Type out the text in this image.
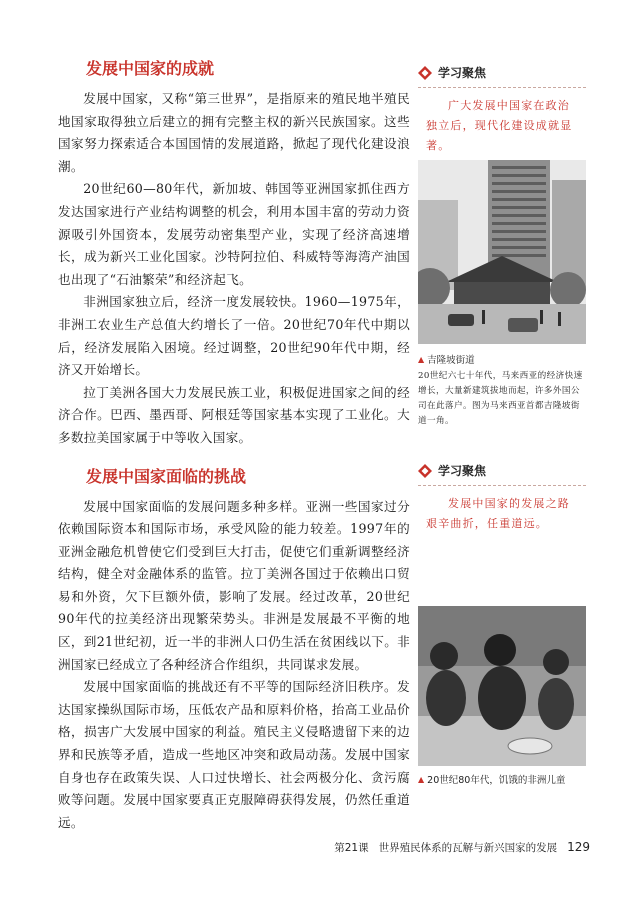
发展中国家的成就

发展中国家，又称“第三世界”，是指原来的殖民地半殖民地国家取得独立后建立的拥有完整主权的新兴民族国家。这些国家努力探索适合本国国情的发展道路，掀起了现代化建设浪潮。

20世纪60—80年代，新加坡、韩国等亚洲国家抓住西方发达国家进行产业结构调整的机会，利用本国丰富的劳动力资源吸引外国资本，发展劳动密集型产业，实现了经济高速增长，成为新兴工业化国家。沙特阿拉伯、科威特等海湾产油国也出现了“石油繁荣”和经济起飞。

非洲国家独立后，经济一度发展较快。1960—1975年，非洲工农业生产总值大约增长了一倍。20世纪70年代中期以后，经济发展陷入困境。经过调整，20世纪90年代中期，经济又开始增长。

拉丁美洲各国大力发展民族工业，积极促进国家之间的经济合作。巴西、墨西哥、阿根廷等国家基本实现了工业化。大多数拉美国家属于中等收入国家。

发展中国家面临的挑战

发展中国家面临的发展问题多种多样。亚洲一些国家过分依赖国际资本和国际市场，承受风险的能力较差。1997年的亚洲金融危机曾使它们受到巨大打击，促使它们重新调整经济结构，健全对金融体系的监管。拉丁美洲各国过于依赖出口贸易和外资，欠下巨额外债，影响了发展。经过改革，20世纪90年代的拉美经济出现繁荣势头。非洲是发展最不平衡的地区，到21世纪初，近一半的非洲人口仍生活在贫困线以下。非洲国家已经成立了各种经济合作组织，共同谋求发展。

发展中国家面临的挑战还有不平等的国际经济旧秩序。发达国家操纵国际市场，压低农产品和原料价格，抬高工业品价格，损害广大发展中国家的利益。殖民主义侵略遗留下来的边界和民族等矛盾，造成一些地区冲突和政局动荡。发展中国家自身也存在政策失误、人口过快增长、社会两极分化、贪污腐败等问题。发展中国家要真正克服障碍获得发展，仍然任重道远。

学习聚焦

广大发展中国家在政治独立后，现代化建设成就显著。

▲ 吉隆坡街道

20世纪六七十年代，马来西亚的经济快速增长，大量新建筑拔地而起，许多外国公司在此落户。图为马来西亚首都吉隆坡街道一角。

学习聚焦

发展中国家的发展之路艰辛曲折，任重道远。

▲ 20世纪80年代，饥饿的非洲儿童
第21课 世界殖民体系的瓦解与新兴国家的发展 129
